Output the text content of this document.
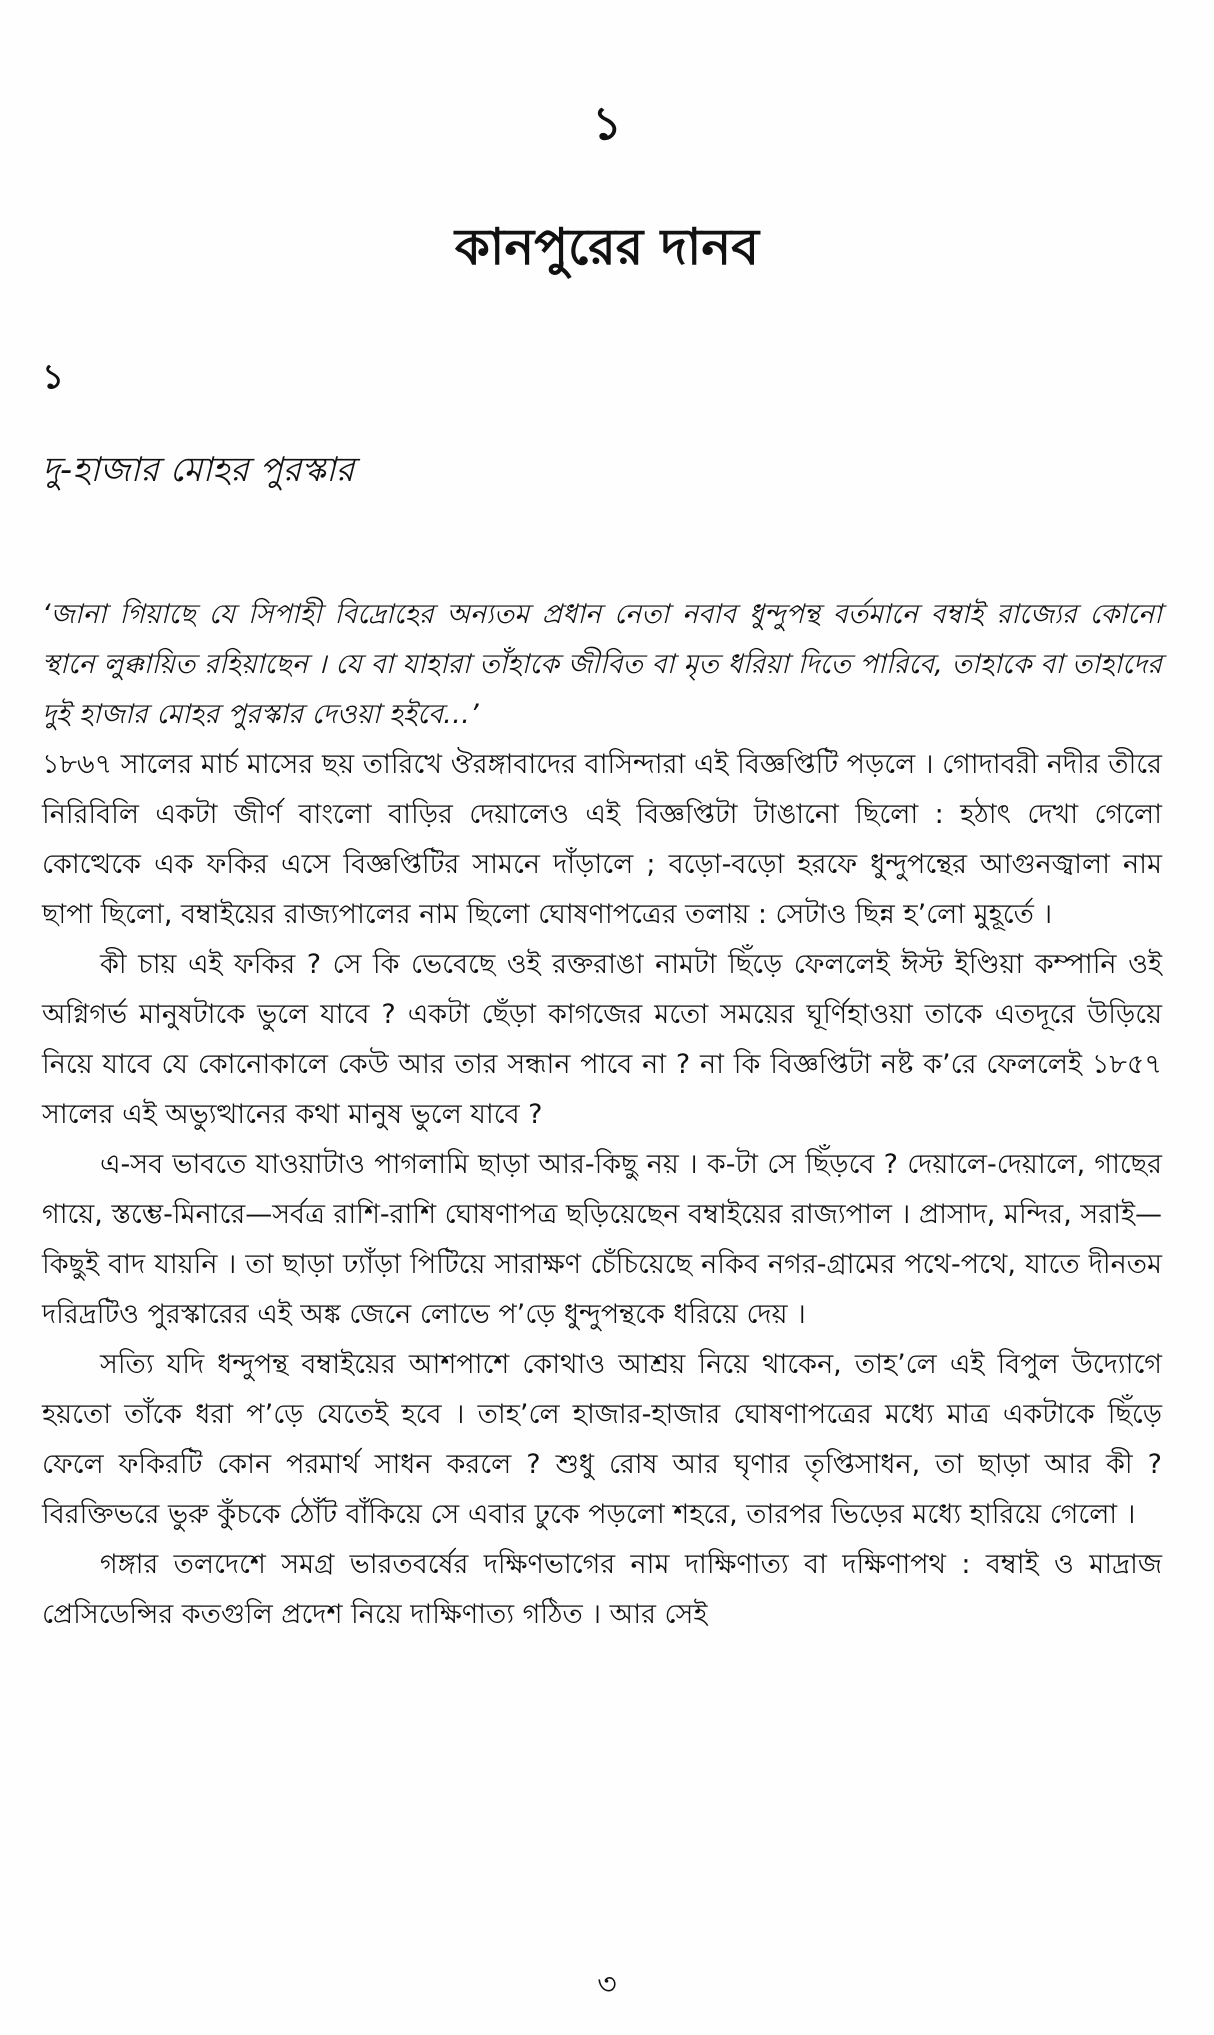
১
কানপুরের দানব
১
দু-হাজার মোহর পুরস্কার

‘জানা গিয়াছে যে সিপাহী বিদ্রোহের অন্যতম প্রধান নেতা নবাব ধুন্দুপন্থ বর্তমানে বম্বাই রাজ্যের কোনো স্থানে লুক্কায়িত রহিয়াছেন । যে বা যাহারা তাঁহাকে জীবিত বা মৃত ধরিয়া দিতে পারিবে, তাহাকে বা তাহাদের দুই হাজার মোহর পুরস্কার দেওয়া হইবে…’

১৮৬৭ সালের মার্চ মাসের ছয় তারিখে ঔরঙ্গাবাদের বাসিন্দারা এই বিজ্ঞপ্তিটি পড়লে । গোদাবরী নদীর তীরে নিরিবিলি একটা জীর্ণ বাংলো বাড়ির দেয়ালেও এই বিজ্ঞপ্তিটা টাঙানো ছিলো : হঠাৎ দেখা গেলো কোত্থেকে এক ফকির এসে বিজ্ঞপ্তিটির সামনে দাঁড়ালে ; বড়ো-বড়ো হরফে ধুন্দুপন্থের আগুনজ্বালা নাম ছাপা ছিলো, বম্বাইয়ের রাজ্যপালের নাম ছিলো ঘোষণাপত্রের তলায় : সেটাও ছিন্ন হ’লো মুহূর্তে ।

কী চায় এই ফকির ? সে কি ভেবেছে ওই রক্তরাঙা নামটা ছিঁড়ে ফেললেই ঈস্ট ইণ্ডিয়া কম্পানি ওই অগ্নিগর্ভ মানুষটাকে ভুলে যাবে ? একটা ছেঁড়া কাগজের মতো সময়ের ঘূর্ণিহাওয়া তাকে এতদূরে উড়িয়ে নিয়ে যাবে যে কোনোকালে কেউ আর তার সন্ধান পাবে না ? না কি বিজ্ঞপ্তিটা নষ্ট ক’রে ফেললেই ১৮৫৭ সালের এই অভ্যুত্থানের কথা মানুষ ভুলে যাবে ?

এ-সব ভাবতে যাওয়াটাও পাগলামি ছাড়া আর-কিছু নয় । ক-টা সে ছিঁড়বে ? দেয়ালে-দেয়ালে, গাছের গায়ে, স্তম্ভে-মিনারে—সর্বত্র রাশি-রাশি ঘোষণাপত্র ছড়িয়েছেন বম্বাইয়ের রাজ্যপাল । প্রাসাদ, মন্দির, সরাই—কিছুই বাদ যায়নি । তা ছাড়া ঢ্যাঁড়া পিটিয়ে সারাক্ষণ চেঁচিয়েছে নকিব নগর-গ্রামের পথে-পথে, যাতে দীনতম দরিদ্রটিও পুরস্কারের এই অঙ্ক জেনে লোভে প’ড়ে ধুন্দুপন্থকে ধরিয়ে দেয় ।

সত্যি যদি ধন্দুপন্থ বম্বাইয়ের আশপাশে কোথাও আশ্রয় নিয়ে থাকেন, তাহ’লে এই বিপুল উদ্যোগে হয়তো তাঁকে ধরা প’ড়ে যেতেই হবে । তাহ’লে হাজার-হাজার ঘোষণাপত্রের মধ্যে মাত্র একটাকে ছিঁড়ে ফেলে ফকিরটি কোন পরমার্থ সাধন করলে ? শুধু রোষ আর ঘৃণার তৃপ্তিসাধন, তা ছাড়া আর কী ? বিরক্তিভরে ভুরু কুঁচকে ঠোঁট বাঁকিয়ে সে এবার ঢুকে পড়লো শহরে, তারপর ভিড়ের মধ্যে হারিয়ে গেলো ।

গঙ্গার তলদেশে সমগ্র ভারতবর্ষের দক্ষিণভাগের নাম দাক্ষিণাত্য বা দক্ষিণাপথ : বম্বাই ও মাদ্রাজ প্রেসিডেন্সির কতগুলি প্রদেশ নিয়ে দাক্ষিণাত্য গঠিত । আর সেই

৩
